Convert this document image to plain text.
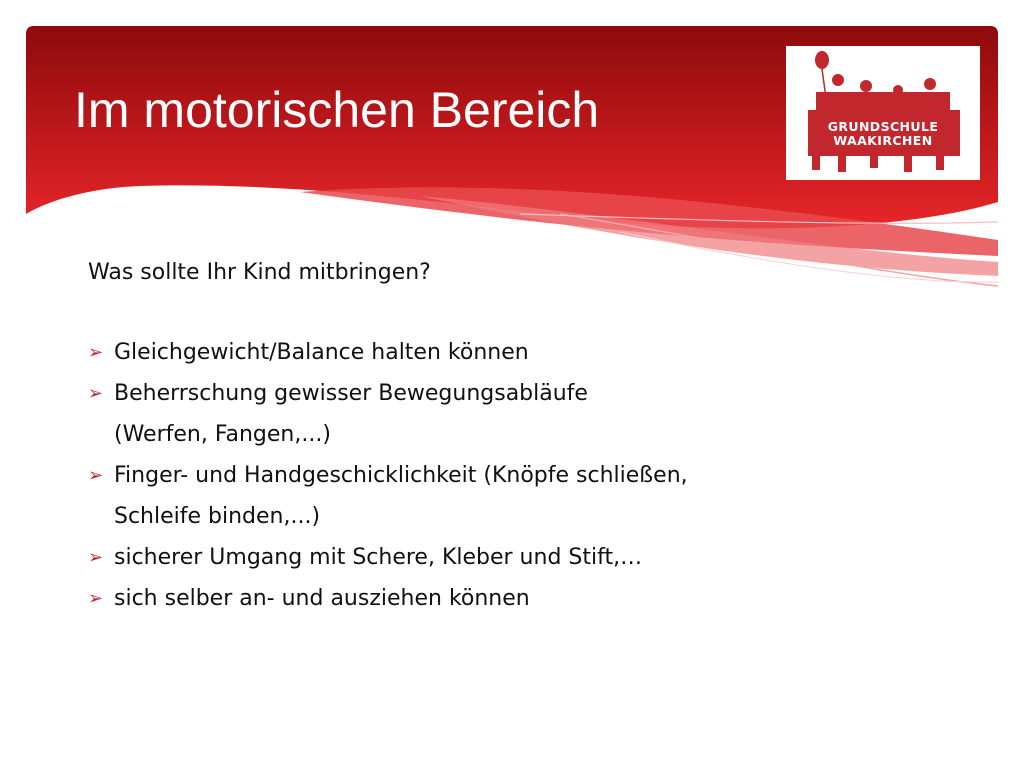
Im motorischen Bereich	GRUNDSCHULE
WAAKIRCHEN

Was sollte Ihr Kind mitbringen?

➢ Gleichgewicht/Balance halten können
➢ Beherrschung gewisser Bewegungsabläufe
(Werfen, Fangen,...)
➢ Finger- und Handgeschicklichkeit (Knöpfe schließen,
Schleife binden,...)
➢ sicherer Umgang mit Schere, Kleber und Stift,…
➢ sich selber an- und ausziehen können
